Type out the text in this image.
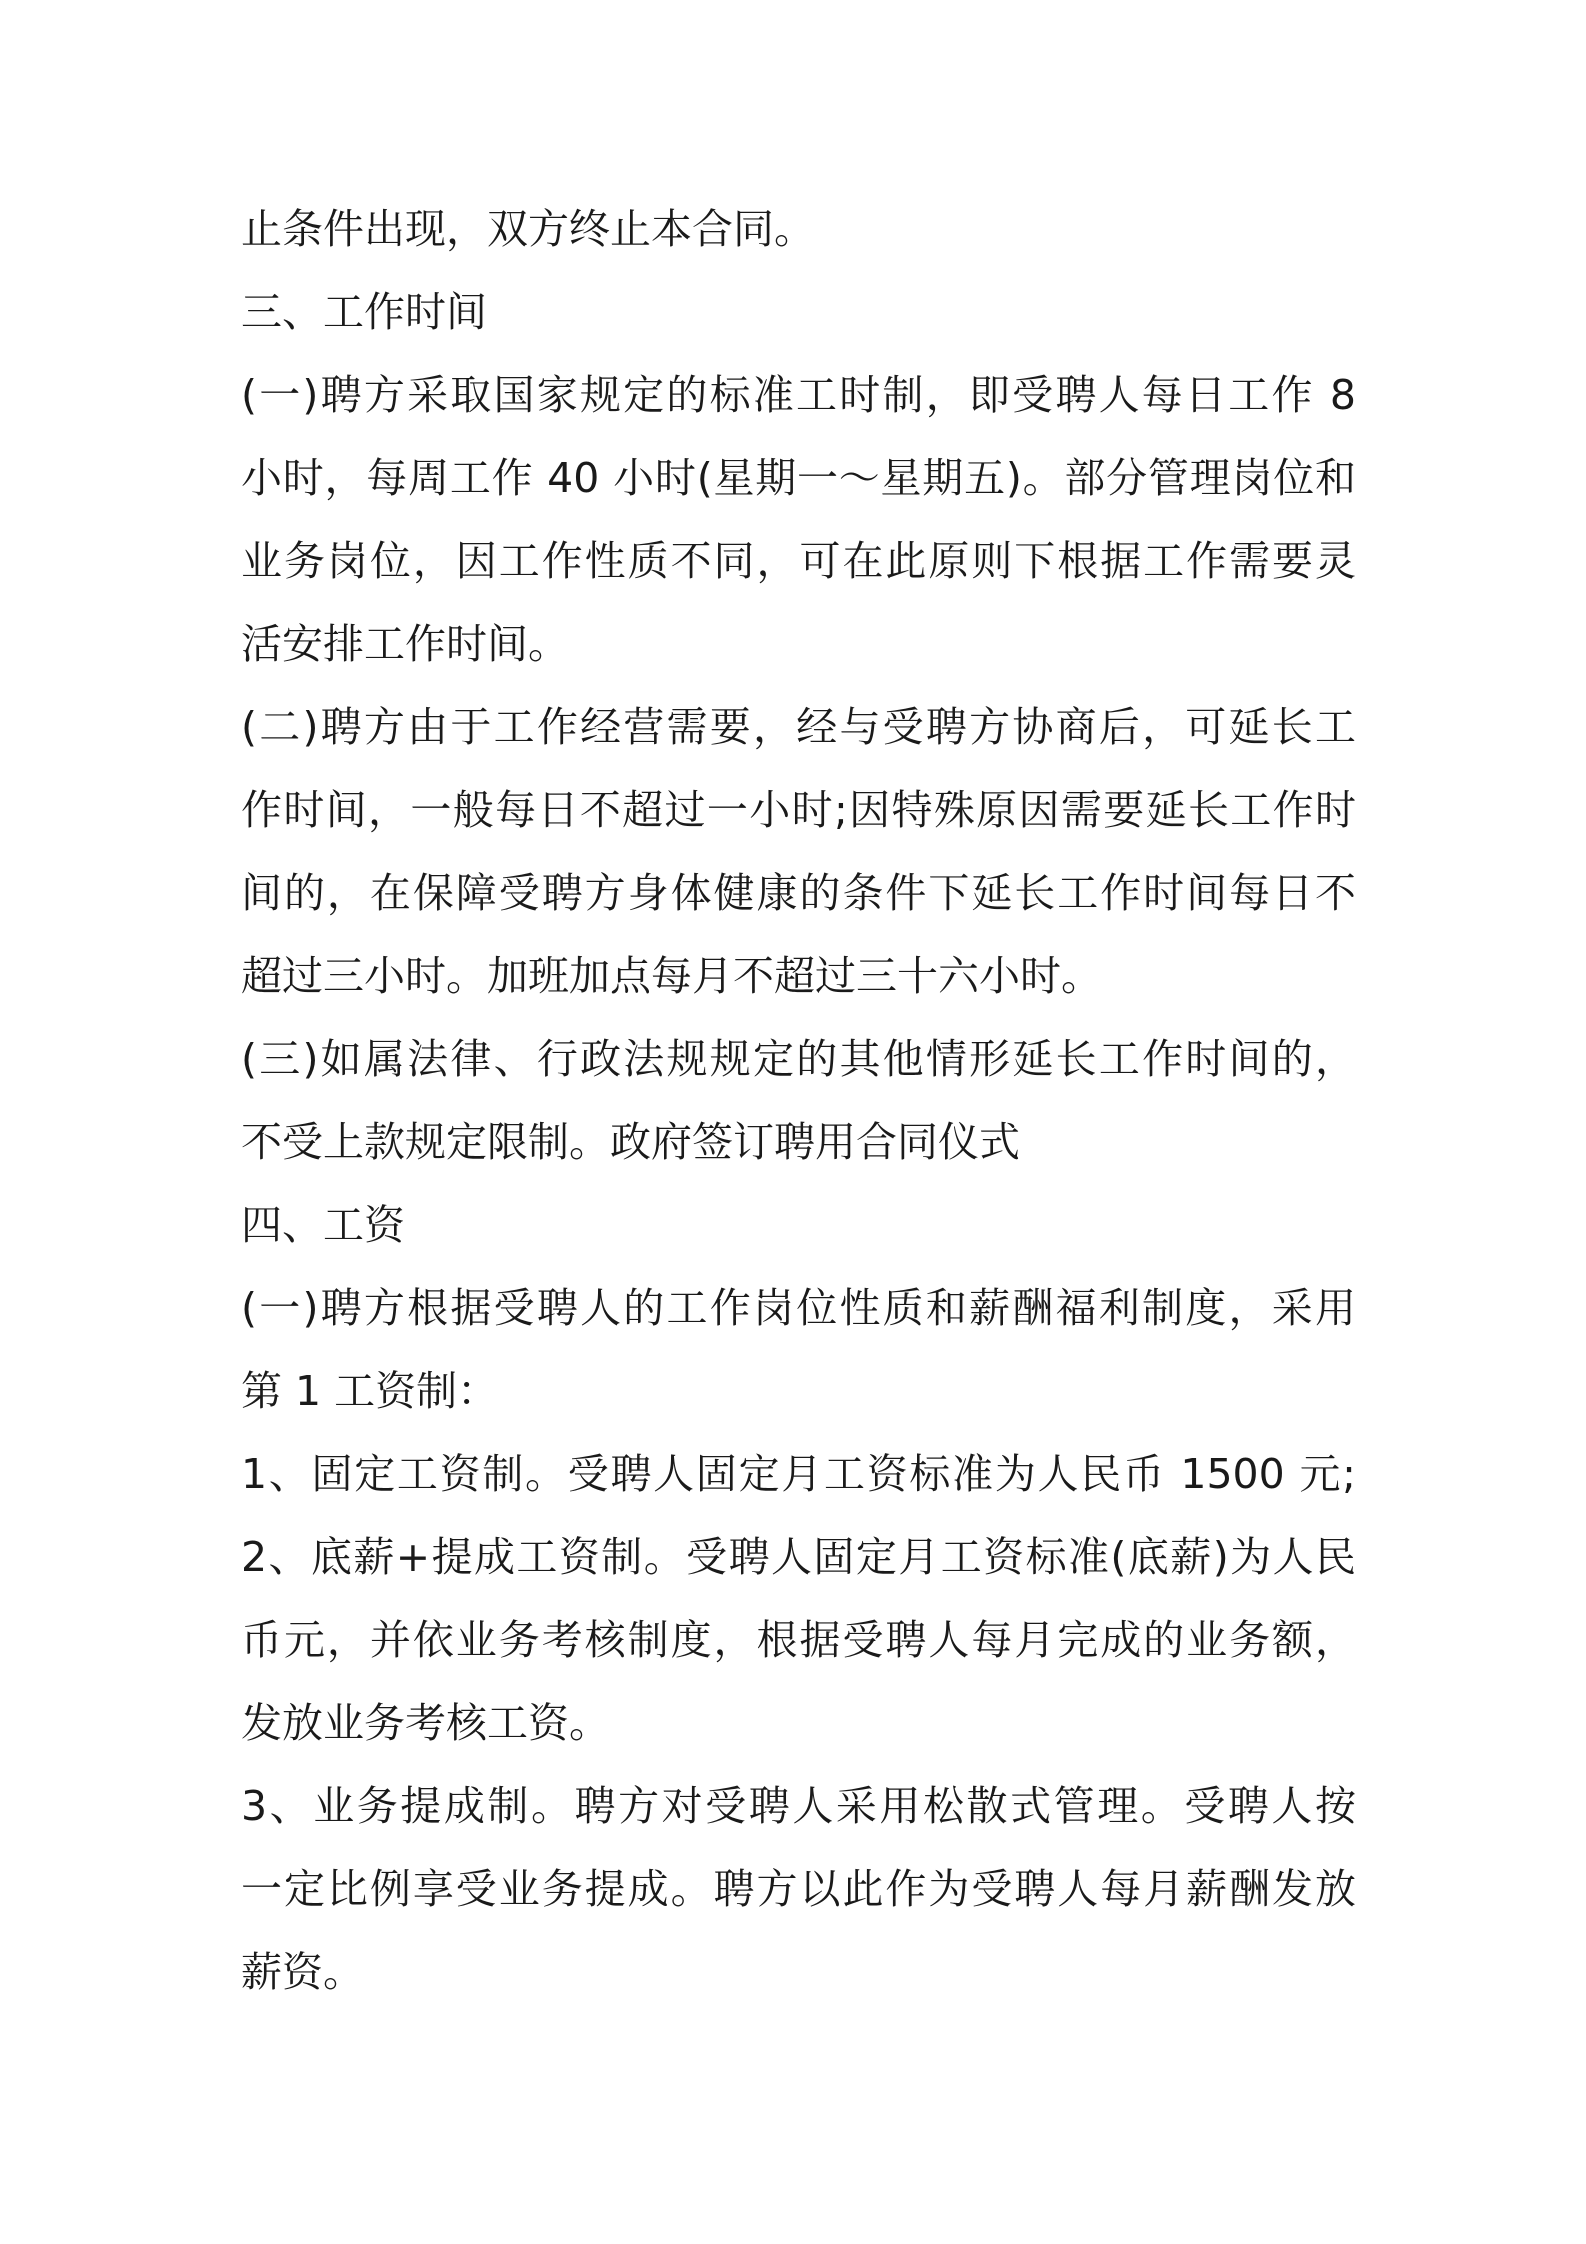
止条件出现，双方终止本合同。
三、工作时间
(一)聘方采取国家规定的标准工时制，即受聘人每日工作 8
小时，每周工作 40 小时(星期一～星期五)。部分管理岗位和
业务岗位，因工作性质不同，可在此原则下根据工作需要灵
活安排工作时间。
(二)聘方由于工作经营需要，经与受聘方协商后，可延长工
作时间，一般每日不超过一小时;因特殊原因需要延长工作时
间的，在保障受聘方身体健康的条件下延长工作时间每日不
超过三小时。加班加点每月不超过三十六小时。
(三)如属法律、行政法规规定的其他情形延长工作时间的，
不受上款规定限制。政府签订聘用合同仪式
四、工资
(一)聘方根据受聘人的工作岗位性质和薪酬福利制度，采用
第 1 工资制：
1、固定工资制。受聘人固定月工资标准为人民币 1500 元;
2、底薪+提成工资制。受聘人固定月工资标准(底薪)为人民
币元，并依业务考核制度，根据受聘人每月完成的业务额，
发放业务考核工资。
3、业务提成制。聘方对受聘人采用松散式管理。受聘人按
一定比例享受业务提成。聘方以此作为受聘人每月薪酬发放
薪资。
